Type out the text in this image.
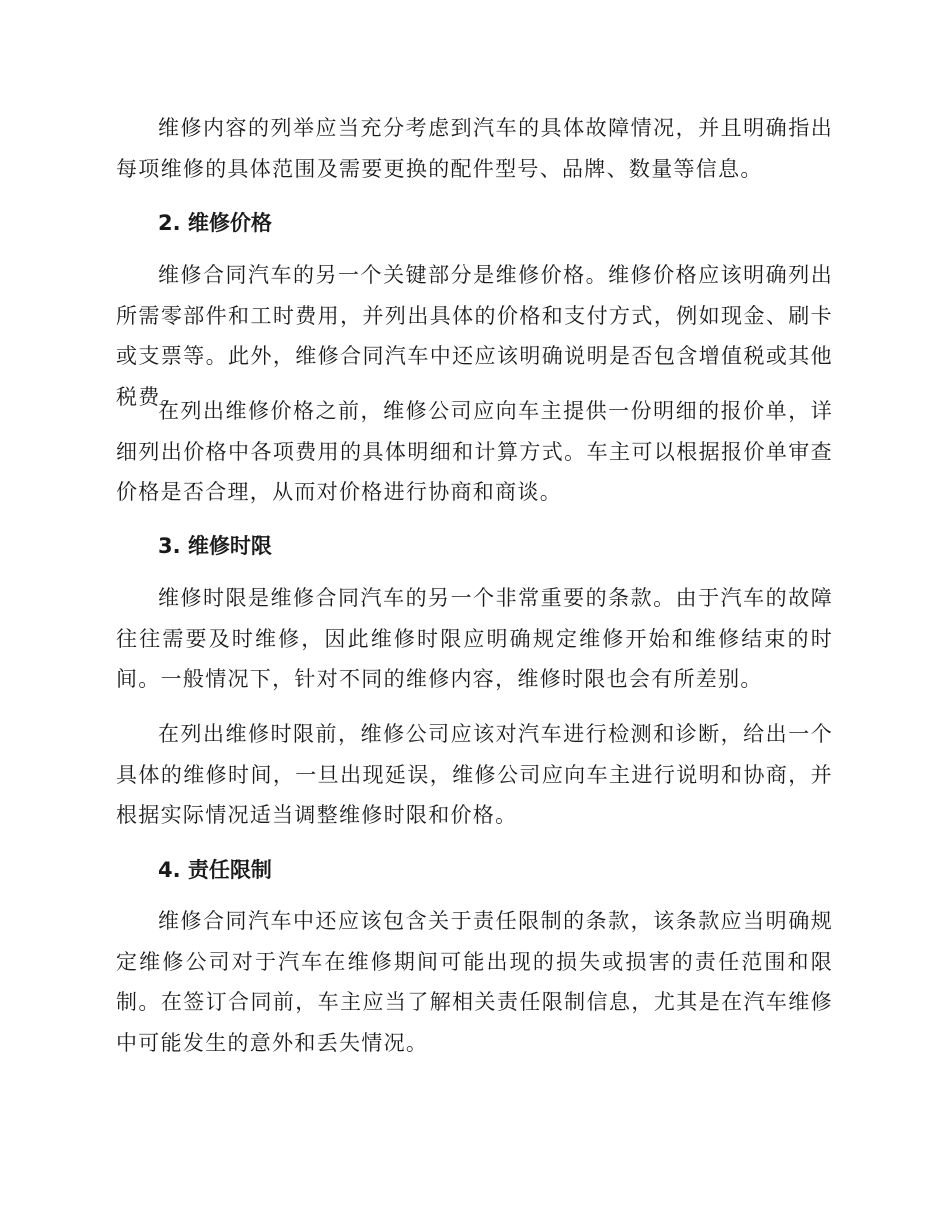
维修内容的列举应当充分考虑到汽车的具体故障情况，并且明确指出每项维修的具体范围及需要更换的配件型号、品牌、数量等信息。

2. 维修价格

维修合同汽车的另一个关键部分是维修价格。维修价格应该明确列出所需零部件和工时费用，并列出具体的价格和支付方式，例如现金、刷卡或支票等。此外，维修合同汽车中还应该明确说明是否包含增值税或其他税费。

在列出维修价格之前，维修公司应向车主提供一份明细的报价单，详细列出价格中各项费用的具体明细和计算方式。车主可以根据报价单审查价格是否合理，从而对价格进行协商和商谈。

3. 维修时限

维修时限是维修合同汽车的另一个非常重要的条款。由于汽车的故障往往需要及时维修，因此维修时限应明确规定维修开始和维修结束的时间。一般情况下，针对不同的维修内容，维修时限也会有所差别。

在列出维修时限前，维修公司应该对汽车进行检测和诊断，给出一个具体的维修时间，一旦出现延误，维修公司应向车主进行说明和协商，并根据实际情况适当调整维修时限和价格。

4. 责任限制

维修合同汽车中还应该包含关于责任限制的条款，该条款应当明确规定维修公司对于汽车在维修期间可能出现的损失或损害的责任范围和限制。在签订合同前，车主应当了解相关责任限制信息，尤其是在汽车维修中可能发生的意外和丢失情况。
